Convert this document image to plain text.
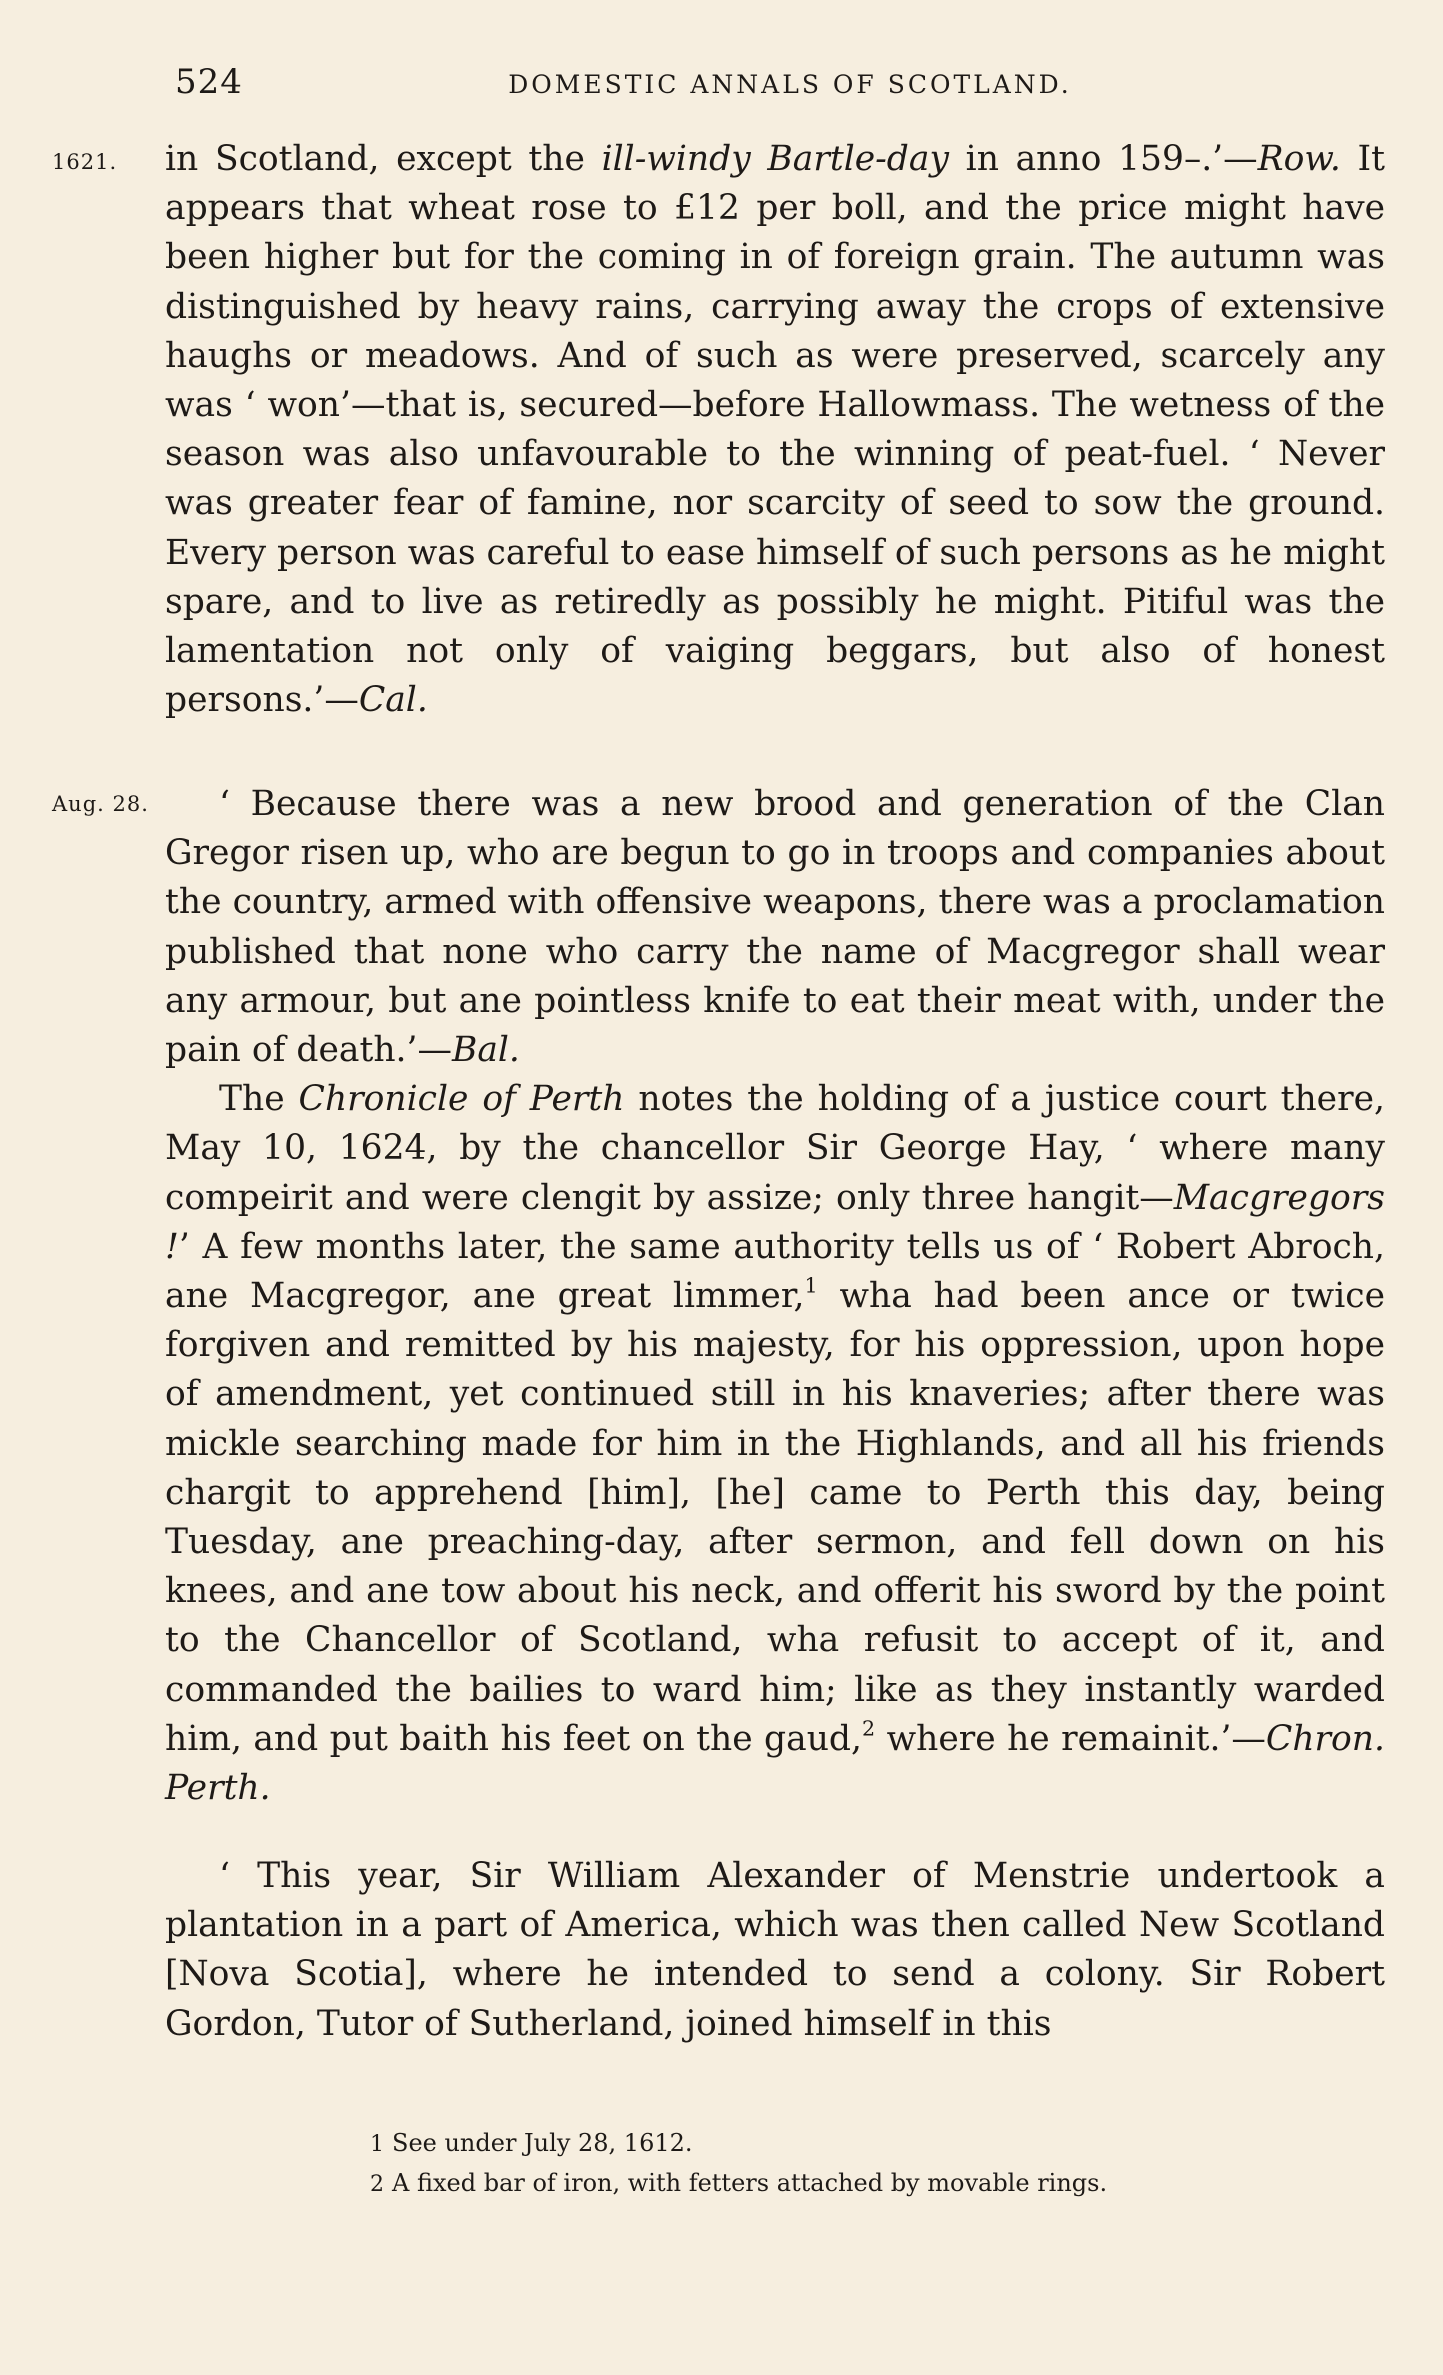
524	DOMESTIC ANNALS OF SCOTLAND.
1621.
Aug. 28.

in Scotland, except the ill-windy Bartle-day in anno 159–.’—Row. It appears that wheat rose to £12 per boll, and the price might have been higher but for the coming in of foreign grain. The autumn was distinguished by heavy rains, carrying away the crops of extensive haughs or meadows. And of such as were preserved, scarcely any was ‘ won’—that is, secured—before Hallowmass. The wetness of the season was also unfavourable to the winning of peat-fuel. ‘ Never was greater fear of famine, nor scarcity of seed to sow the ground. Every person was careful to ease himself of such persons as he might spare, and to live as retiredly as possibly he might. Pitiful was the lamentation not only of vaiging beggars, but also of honest persons.’—Cal.

‘ Because there was a new brood and generation of the Clan Gregor risen up, who are begun to go in troops and companies about the country, armed with offensive weapons, there was a proclamation published that none who carry the name of Macgregor shall wear any armour, but ane pointless knife to eat their meat with, under the pain of death.’—Bal.

The Chronicle of Perth notes the holding of a justice court there, May 10, 1624, by the chancellor Sir George Hay, ‘ where many compeirit and were clengit by assize; only three hangit—Macgregors !’ A few months later, the same authority tells us of ‘ Robert Abroch, ane Macgregor, ane great limmer,$^1$ wha had been ance or twice forgiven and remitted by his majesty, for his oppression, upon hope of amendment, yet continued still in his knaveries; after there was mickle searching made for him in the Highlands, and all his friends chargit to apprehend [him], [he] came to Perth this day, being Tuesday, ane preaching-day, after sermon, and fell down on his knees, and ane tow about his neck, and offerit his sword by the point to the Chancellor of Scotland, wha refusit to accept of it, and commanded the bailies to ward him; like as they instantly warded him, and put baith his feet on the gaud,$^2$ where he remainit.’—Chron. Perth.

‘ This year, Sir William Alexander of Menstrie undertook a plantation in a part of America, which was then called New Scotland [Nova Scotia], where he intended to send a colony. Sir Robert Gordon, Tutor of Sutherland, joined himself in this

1 See under July 28, 1612.

2 A fixed bar of iron, with fetters attached by movable rings.
